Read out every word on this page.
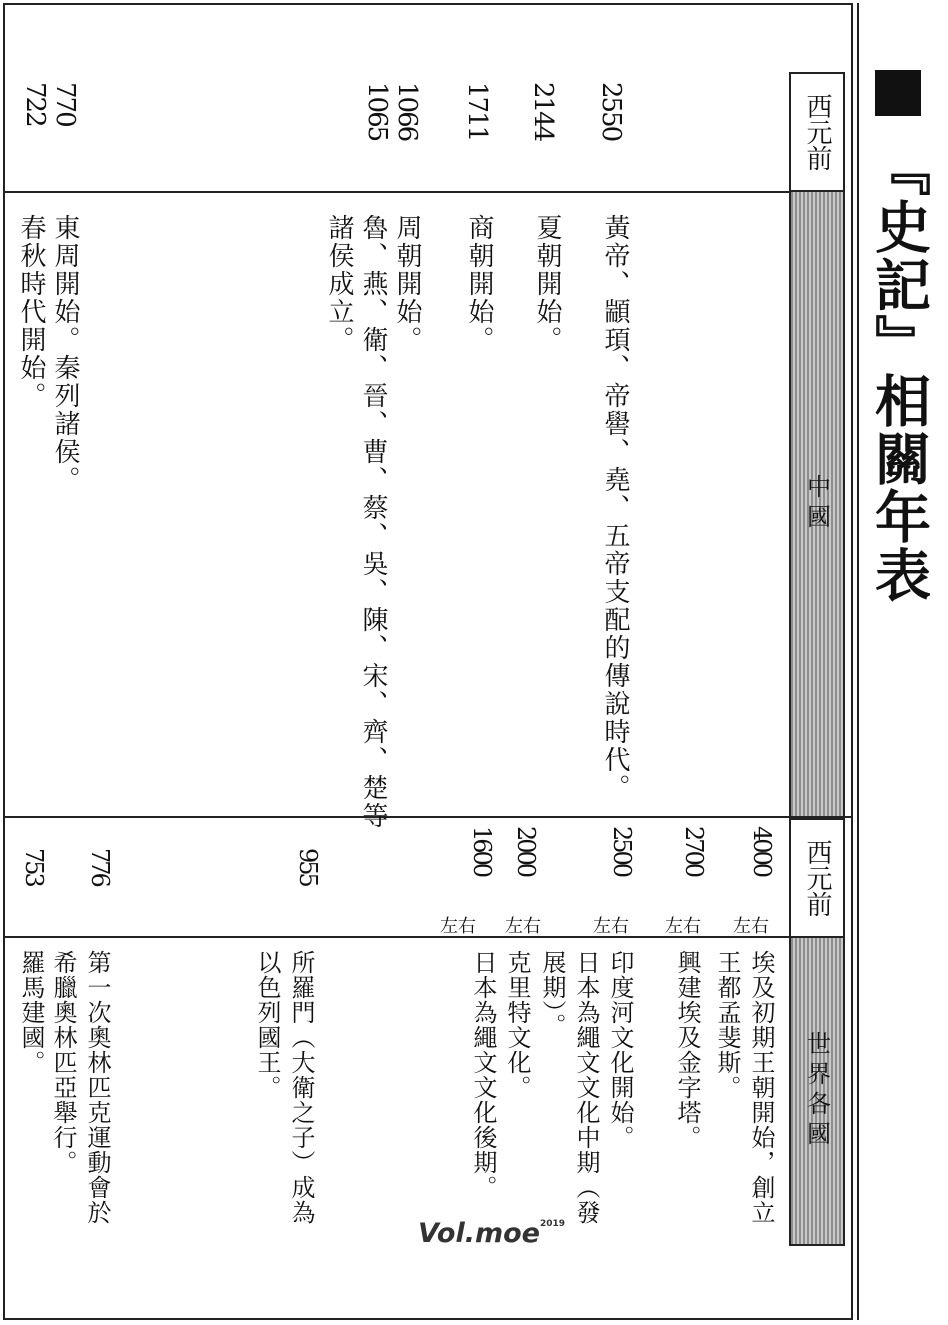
『史記』相關年表
西元前
中國
西元前
世界各國
2550
2144
1711
1066
1065
770
722
黃帝、顓頊、帝嚳、堯、五帝支配的傳說時代。
夏朝開始。
商朝開始。
周朝開始。
魯、燕、衛、晉、曹、蔡、吳、陳、宋、齊、楚等
諸侯成立。
東周開始。秦列諸侯。
春秋時代開始。
4000
2700
2500
2000
1600
955
776
753
左右
左右
左右
左右
左右
埃及初期王朝開始，創立
王都孟斐斯。
興建埃及金字塔。
印度河文化開始。
日本為繩文文化中期（發
展期）。
克里特文化。
日本為繩文文化後期。
所羅門（大衛之子）成為
以色列國王。
第一次奧林匹克運動會於
希臘奧林匹亞舉行。
羅馬建國。
Vol.moe$^{2019}$
